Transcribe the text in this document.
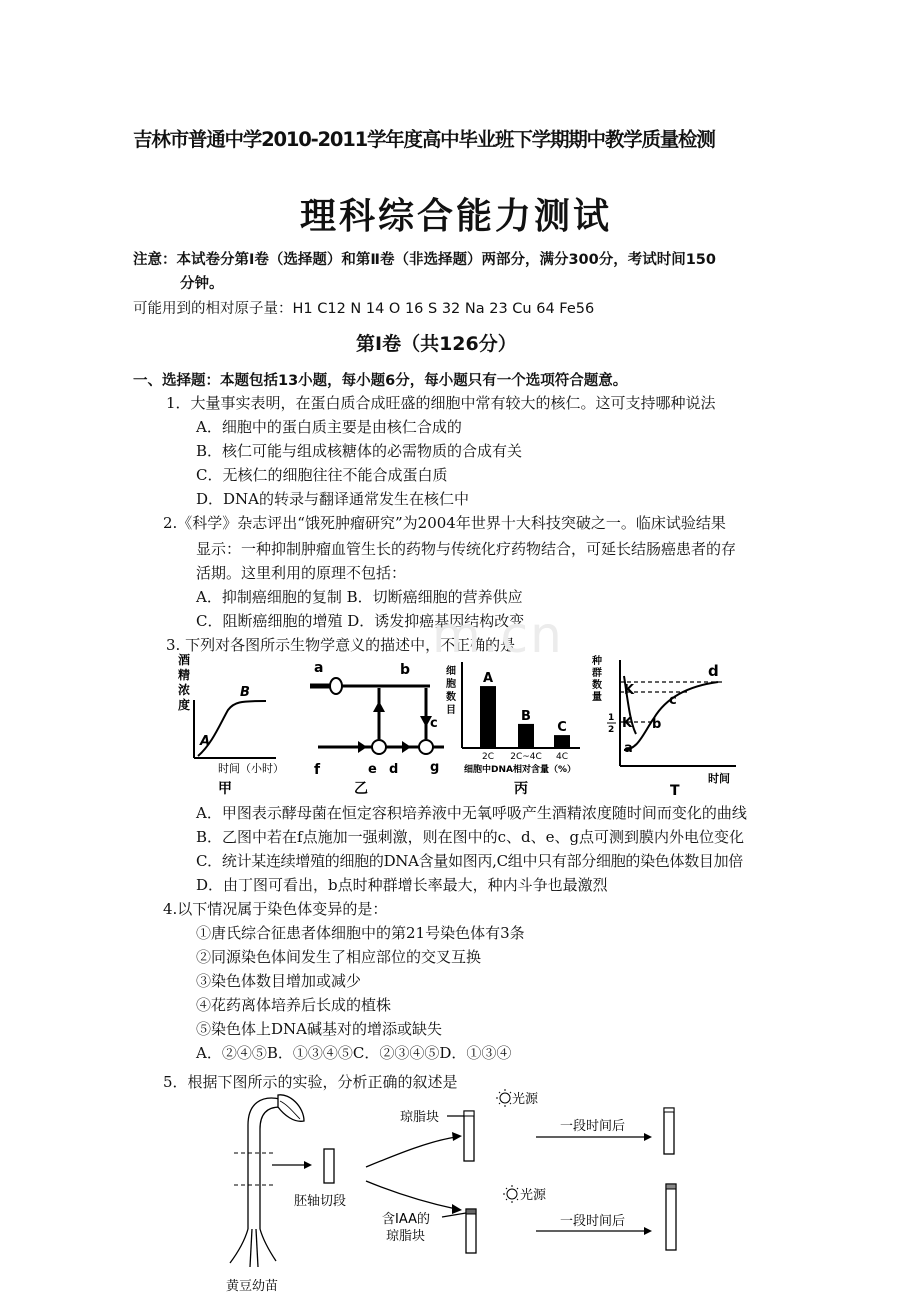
吉林市普通中学2010-2011学年度高中毕业班下学期期中教学质量检测
理科综合能力测试
注意：本试卷分第Ⅰ卷（选择题）和第Ⅱ卷（非选择题）两部分，满分300分，考试时间150
分钟。
可能用到的相对原子量：H1 C12 N 14 O 16 S 32 Na 23 Cu 64 Fe56
第Ⅰ卷（共126分）
一、选择题：本题包括13小题，每小题6分，每小题只有一个选项符合题意。
1．大量事实表明，在蛋白质合成旺盛的细胞中常有较大的核仁。这可支持哪种说法
A．细胞中的蛋白质主要是由核仁合成的
B．核仁可能与组成核糖体的必需物质的合成有关
C．无核仁的细胞往往不能合成蛋白质
D．DNA的转录与翻译通常发生在核仁中
2.《科学》杂志评出“饿死肿瘤研究”为2004年世界十大科技突破之一。临床试验结果
显示：一种抑制肿瘤血管生长的药物与传统化疗药物结合，可延长结肠癌患者的存
活期。这里利用的原理不包括：
A．抑制癌细胞的复制 B．切断癌细胞的营养供应
C．阻断癌细胞的增殖 D．诱发抑癌基因结构改变
3. 下列对各图所示生物学意义的描述中，不正确的是
m.cn
酒
精
浓
度
A
B
时间（小时）
甲
a	b
c
f	e d g
乙
细
胞
数
目
A
B
C
2C 2C~4C 4C
细胞中DNA相对含量（%）
丙
种
群
数
量 K
1
2 K
a
b
c
d
时间
T
A．甲图表示酵母菌在恒定容积培养液中无氧呼吸产生酒精浓度随时间而变化的曲线
B．乙图中若在f点施加一强刺激，则在图中的c、d、e、g点可测到膜内外电位变化
C．统计某连续增殖的细胞的DNA含量如图丙,C组中只有部分细胞的染色体数目加倍
D．由丁图可看出，b点时种群增长率最大，种内斗争也最激烈
4.以下情况属于染色体变异的是：
①唐氏综合征患者体细胞中的第21号染色体有3条
②同源染色体间发生了相应部位的交叉互换
③染色体数目增加或减少
④花药离体培养后长成的植株
⑤染色体上DNA碱基对的增添或缺失
A．②④⑤B．①③④⑤C．②③④⑤D．①③④
5．根据下图所示的实验，分析正确的叙述是
黄豆幼苗
胚轴切段
琼脂块
光源
一段时间后
光源
含IAA的
琼脂块
一段时间后
